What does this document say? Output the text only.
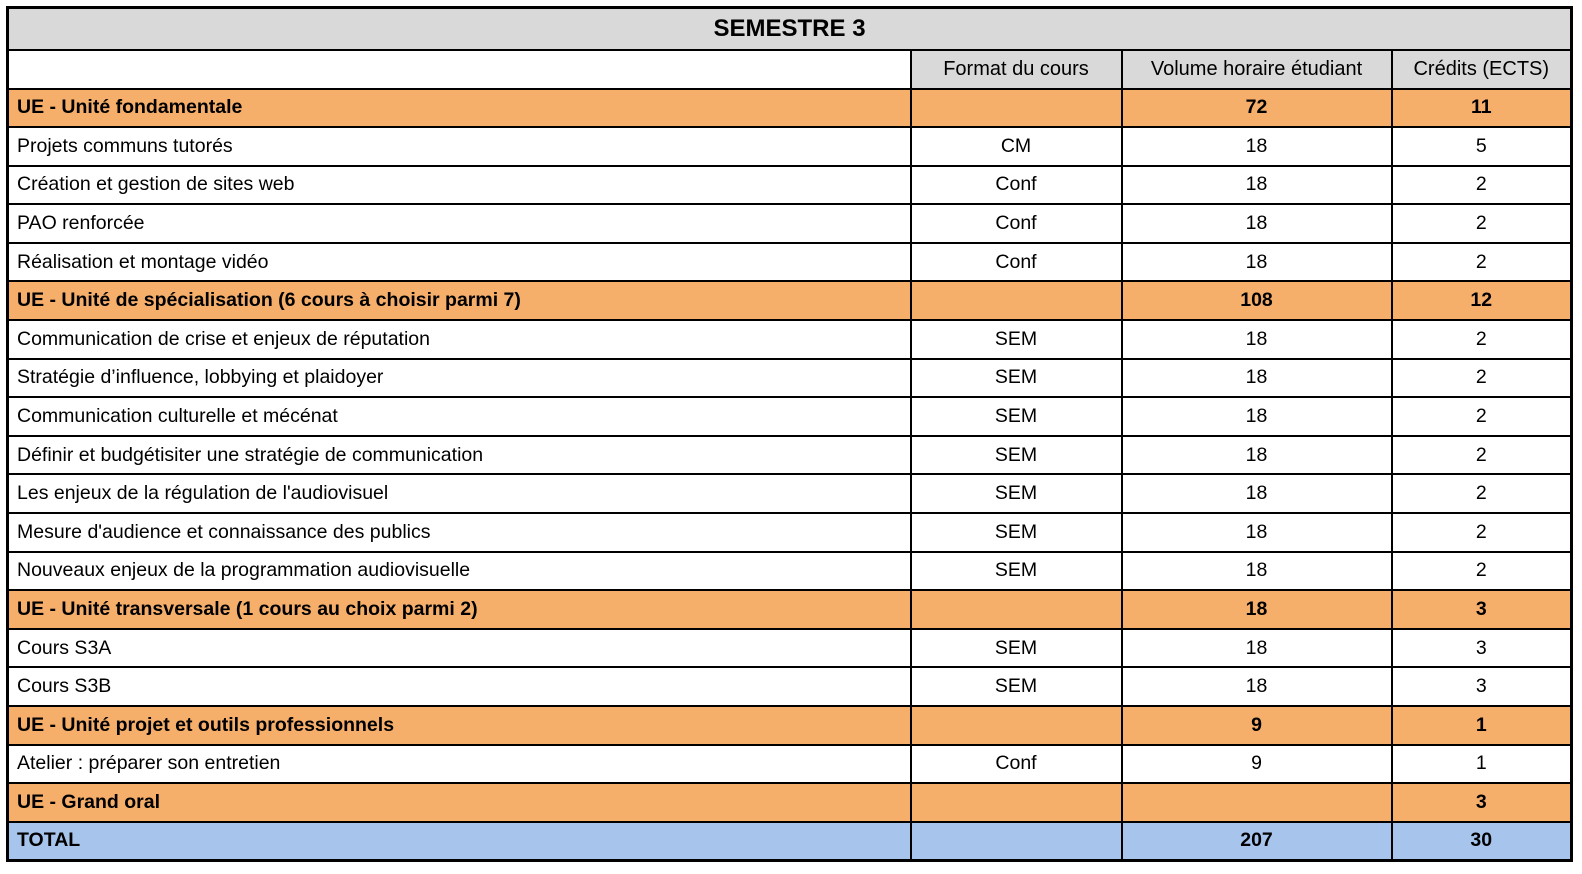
SEMESTRE 3			
	Format du cours	Volume horaire étudiant	Crédits (ECTS)
UE - Unité fondamentale		72	11
Projets communs tutorés	CM	18	5
Création et gestion de sites web	Conf	18	2
PAO renforcée	Conf	18	2
Réalisation et montage vidéo	Conf	18	2
UE - Unité de spécialisation (6 cours à choisir parmi 7)		108	12
Communication de crise et enjeux de réputation	SEM	18	2
Stratégie d’influence, lobbying et plaidoyer	SEM	18	2
Communication culturelle et mécénat	SEM	18	2
Définir et budgétisiter une stratégie de communication	SEM	18	2
Les enjeux de la régulation de l'audiovisuel	SEM	18	2
Mesure d'audience et connaissance des publics	SEM	18	2
Nouveaux enjeux de la programmation audiovisuelle	SEM	18	2
UE - Unité transversale (1 cours au choix parmi 2)		18	3
Cours S3A	SEM	18	3
Cours S3B	SEM	18	3
UE - Unité projet et outils professionnels		9	1
Atelier : préparer son entretien	Conf	9	1
UE - Grand oral			3
TOTAL		207	30
